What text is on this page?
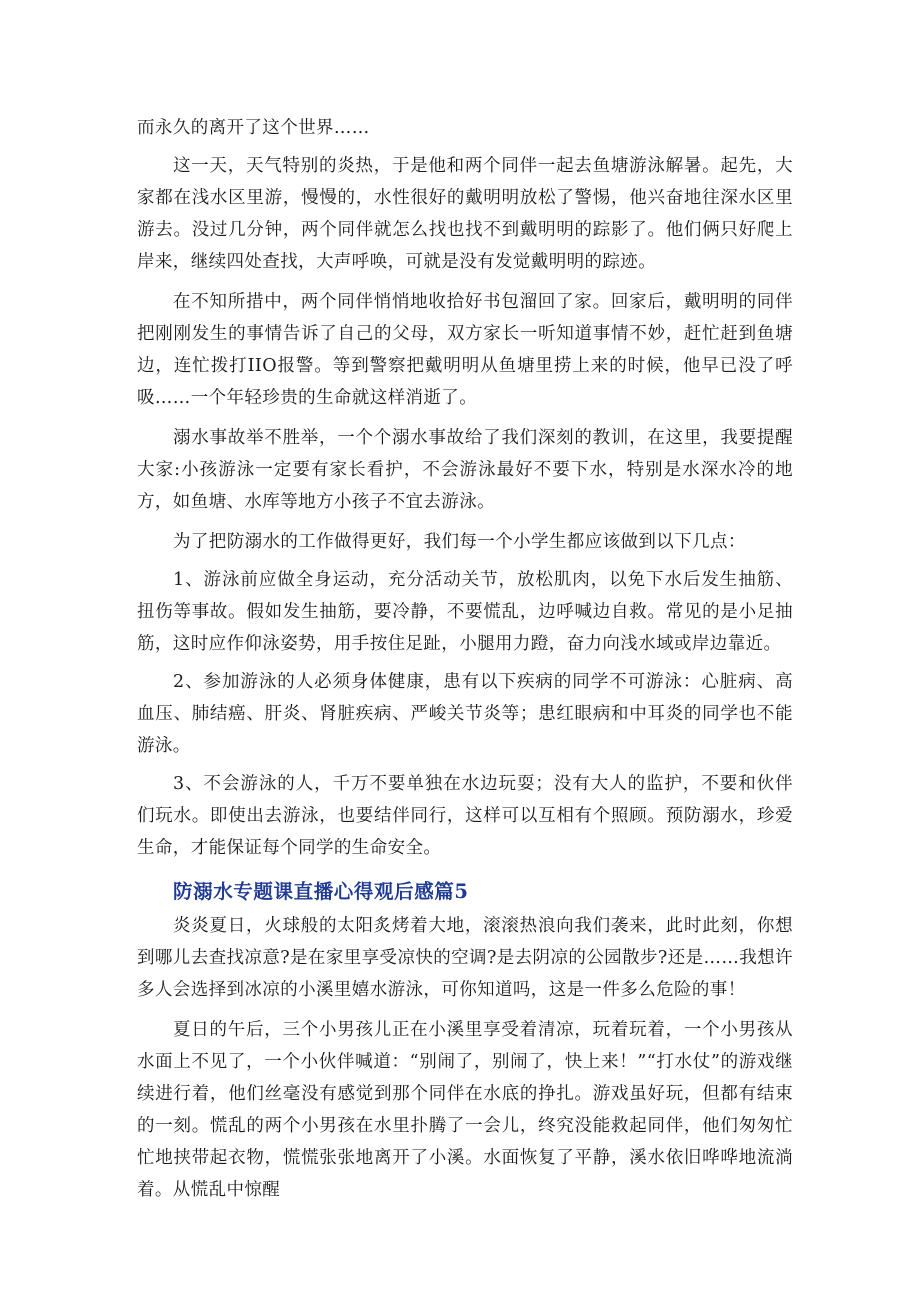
而永久的离开了这个世界……

这一天，天气特别的炎热，于是他和两个同伴一起去鱼塘游泳解暑。起先，大家都在浅水区里游，慢慢的，水性很好的戴明明放松了警惕，他兴奋地往深水区里游去。没过几分钟，两个同伴就怎么找也找不到戴明明的踪影了。他们俩只好爬上岸来，继续四处查找，大声呼唤，可就是没有发觉戴明明的踪迹。

在不知所措中，两个同伴悄悄地收拾好书包溜回了家。回家后，戴明明的同伴把刚刚发生的事情告诉了自己的父母，双方家长一听知道事情不妙，赶忙赶到鱼塘边，连忙拨打IIO报警。等到警察把戴明明从鱼塘里捞上来的时候，他早已没了呼吸……一个年轻珍贵的生命就这样消逝了。

溺水事故举不胜举，一个个溺水事故给了我们深刻的教训，在这里，我要提醒大家:小孩游泳一定要有家长看护，不会游泳最好不要下水，特别是水深水冷的地方，如鱼塘、水库等地方小孩子不宜去游泳。

为了把防溺水的工作做得更好，我们每一个小学生都应该做到以下几点：

1、游泳前应做全身运动，充分活动关节，放松肌肉，以免下水后发生抽筋、扭伤等事故。假如发生抽筋，要冷静，不要慌乱，边呼喊边自救。常见的是小足抽筋，这时应作仰泳姿势，用手按住足趾，小腿用力蹬，奋力向浅水域或岸边靠近。

2、参加游泳的人必须身体健康，患有以下疾病的同学不可游泳：心脏病、高血压、肺结癌、肝炎、肾脏疾病、严峻关节炎等；患红眼病和中耳炎的同学也不能游泳。

3、不会游泳的人，千万不要单独在水边玩耍；没有大人的监护，不要和伙伴们玩水。即使出去游泳，也要结伴同行，这样可以互相有个照顾。预防溺水，珍爱生命，才能保证每个同学的生命安全。

防溺水专题课直播心得观后感篇5

炎炎夏日，火球般的太阳炙烤着大地，滚滚热浪向我们袭来，此时此刻，你想到哪儿去查找凉意?是在家里享受凉快的空调?是去阴凉的公园散步?还是……我想许多人会选择到冰凉的小溪里嬉水游泳，可你知道吗，这是一件多么危险的事！

夏日的午后，三个小男孩儿正在小溪里享受着清凉，玩着玩着，一个小男孩从水面上不见了，一个小伙伴喊道：“别闹了，别闹了，快上来！”“打水仗”的游戏继续进行着，他们丝毫没有感觉到那个同伴在水底的挣扎。游戏虽好玩，但都有结束的一刻。慌乱的两个小男孩在水里扑腾了一会儿，终究没能救起同伴，他们匆匆忙忙地挟带起衣物，慌慌张张地离开了小溪。水面恢复了平静，溪水依旧哗哗地流淌着。从慌乱中惊醒
